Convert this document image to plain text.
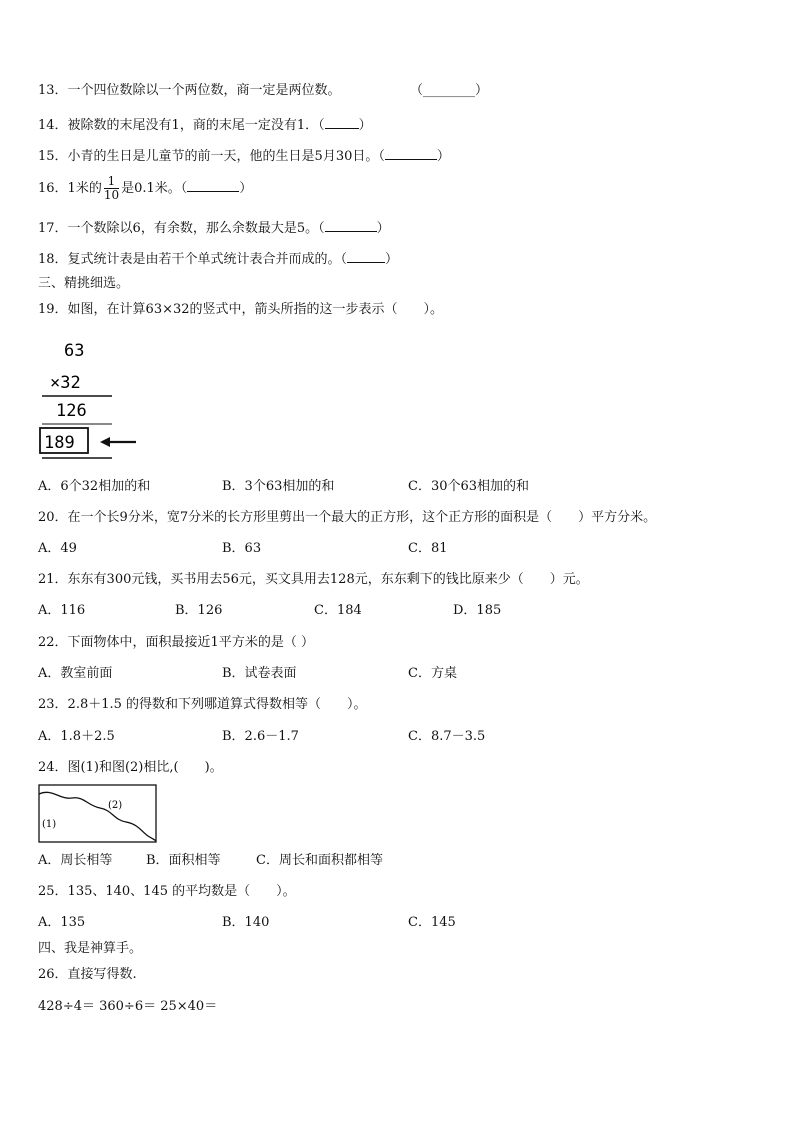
13．一个四位数除以一个两位数，商一定是两位数。	（________）
14．被除数的末尾没有1，商的末尾一定没有1．（	）
15．小青的生日是儿童节的前一天，他的生日是5月30日。（	）
16．1米的 $\frac{1}{10}$ 是0.1米。（	）
17．一个数除以6，有余数，那么余数最大是5。（	）
18．复式统计表是由若干个单式统计表合并而成的。（	）
三、精挑细选。
19．如图，在计算63×32的竖式中，箭头所指的这一步表示（　　）。
63
×32
126
189
A．6个32相加的和	B．3个63相加的和	C．30个63相加的和
20．在一个长9分米，宽7分米的长方形里剪出一个最大的正方形，这个正方形的面积是（　　）平方分米。
A．49	B．63	C．81
21．东东有300元钱，买书用去56元，买文具用去128元，东东剩下的钱比原来少（　　）元。
A．116	B．126	C．184	D．185
22．下面物体中，面积最接近1平方米的是（ ）
A．教室前面	B．试卷表面	C．方桌
23．2.8＋1.5 的得数和下列哪道算式得数相等（　　）。
A．1.8＋2.5	B．2.6－1.7	C．8.7－3.5
24．图(1)和图(2)相比,(　　)。
(1)
(2)
A．周长相等	B．面积相等	C．周长和面积都相等
25．135、140、145 的平均数是（　　）。
A．135	B．140	C．145
四、我是神算手。
26．直接写得数.
428÷4＝ 360÷6＝ 25×40＝
